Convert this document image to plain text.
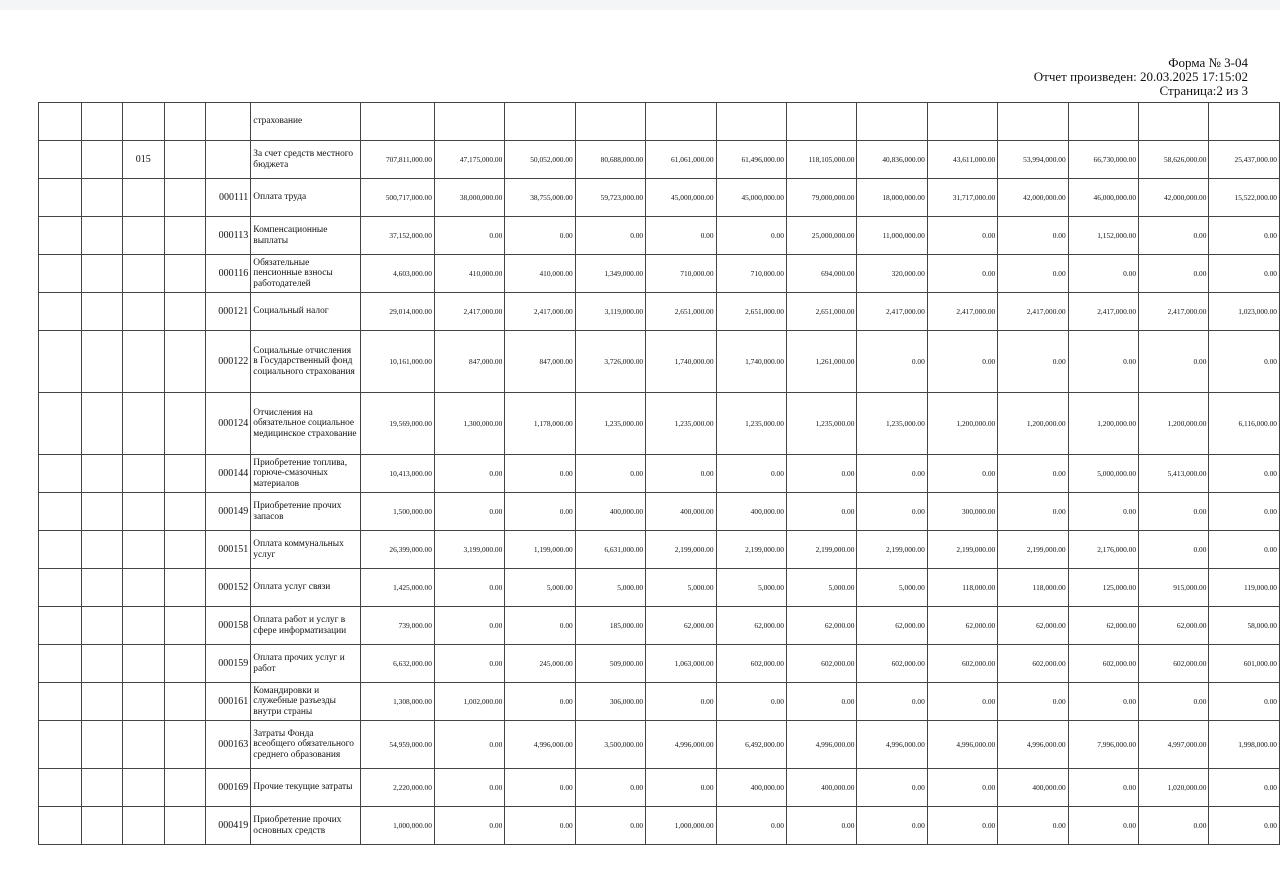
Форма № 3-04
Отчет произведен: 20.03.2025 17:15:02
Страница:2 из 3
					страхование													
		015			За счет средств местного бюджета	707,811,000.00	47,175,000.00	50,052,000.00	80,688,000.00	61,061,000.00	61,496,000.00	118,105,000.00	40,836,000.00	43,611,000.00	53,994,000.00	66,730,000.00	58,626,000.00	25,437,000.00
				000111	Оплата труда	500,717,000.00	38,000,000.00	38,755,000.00	59,723,000.00	45,000,000.00	45,000,000.00	79,000,000.00	18,000,000.00	31,717,000.00	42,000,000.00	46,000,000.00	42,000,000.00	15,522,000.00
				000113	Компенсационные выплаты	37,152,000.00	0.00	0.00	0.00	0.00	0.00	25,000,000.00	11,000,000.00	0.00	0.00	1,152,000.00	0.00	0.00
				000116	Обязательные пенсионные взносы работодателей	4,603,000.00	410,000.00	410,000.00	1,349,000.00	710,000.00	710,000.00	694,000.00	320,000.00	0.00	0.00	0.00	0.00	0.00
				000121	Социальный налог	29,014,000.00	2,417,000.00	2,417,000.00	3,119,000.00	2,651,000.00	2,651,000.00	2,651,000.00	2,417,000.00	2,417,000.00	2,417,000.00	2,417,000.00	2,417,000.00	1,023,000.00
				000122	Социальные отчисления в Государственный фонд социального страхования	10,161,000.00	847,000.00	847,000.00	3,726,000.00	1,740,000.00	1,740,000.00	1,261,000.00	0.00	0.00	0.00	0.00	0.00	0.00
				000124	Отчисления на обязательное социальное медицинское страхование	19,569,000.00	1,300,000.00	1,178,000.00	1,235,000.00	1,235,000.00	1,235,000.00	1,235,000.00	1,235,000.00	1,200,000.00	1,200,000.00	1,200,000.00	1,200,000.00	6,116,000.00
				000144	Приобретение топлива, горюче-смазочных материалов	10,413,000.00	0.00	0.00	0.00	0.00	0.00	0.00	0.00	0.00	0.00	5,000,000.00	5,413,000.00	0.00
				000149	Приобретение прочих запасов	1,500,000.00	0.00	0.00	400,000.00	400,000.00	400,000.00	0.00	0.00	300,000.00	0.00	0.00	0.00	0.00
				000151	Оплата коммунальных услуг	26,399,000.00	3,199,000.00	1,199,000.00	6,631,000.00	2,199,000.00	2,199,000.00	2,199,000.00	2,199,000.00	2,199,000.00	2,199,000.00	2,176,000.00	0.00	0.00
				000152	Оплата услуг связи	1,425,000.00	0.00	5,000.00	5,000.00	5,000.00	5,000.00	5,000.00	5,000.00	118,000.00	118,000.00	125,000.00	915,000.00	119,000.00
				000158	Оплата работ и услуг в сфере информатизации	739,000.00	0.00	0.00	185,000.00	62,000.00	62,000.00	62,000.00	62,000.00	62,000.00	62,000.00	62,000.00	62,000.00	58,000.00
				000159	Оплата прочих услуг и работ	6,632,000.00	0.00	245,000.00	509,000.00	1,063,000.00	602,000.00	602,000.00	602,000.00	602,000.00	602,000.00	602,000.00	602,000.00	601,000.00
				000161	Командировки и служебные разъезды внутри страны	1,308,000.00	1,002,000.00	0.00	306,000.00	0.00	0.00	0.00	0.00	0.00	0.00	0.00	0.00	0.00
				000163	Затраты Фонда всеобщего обязательного среднего образования	54,959,000.00	0.00	4,996,000.00	3,500,000.00	4,996,000.00	6,492,000.00	4,996,000.00	4,996,000.00	4,996,000.00	4,996,000.00	7,996,000.00	4,997,000.00	1,998,000.00
				000169	Прочие текущие затраты	2,220,000.00	0.00	0.00	0.00	0.00	400,000.00	400,000.00	0.00	0.00	400,000.00	0.00	1,020,000.00	0.00
				000419	Приобретение прочих основных средств	1,000,000.00	0.00	0.00	0.00	1,000,000.00	0.00	0.00	0.00	0.00	0.00	0.00	0.00	0.00
